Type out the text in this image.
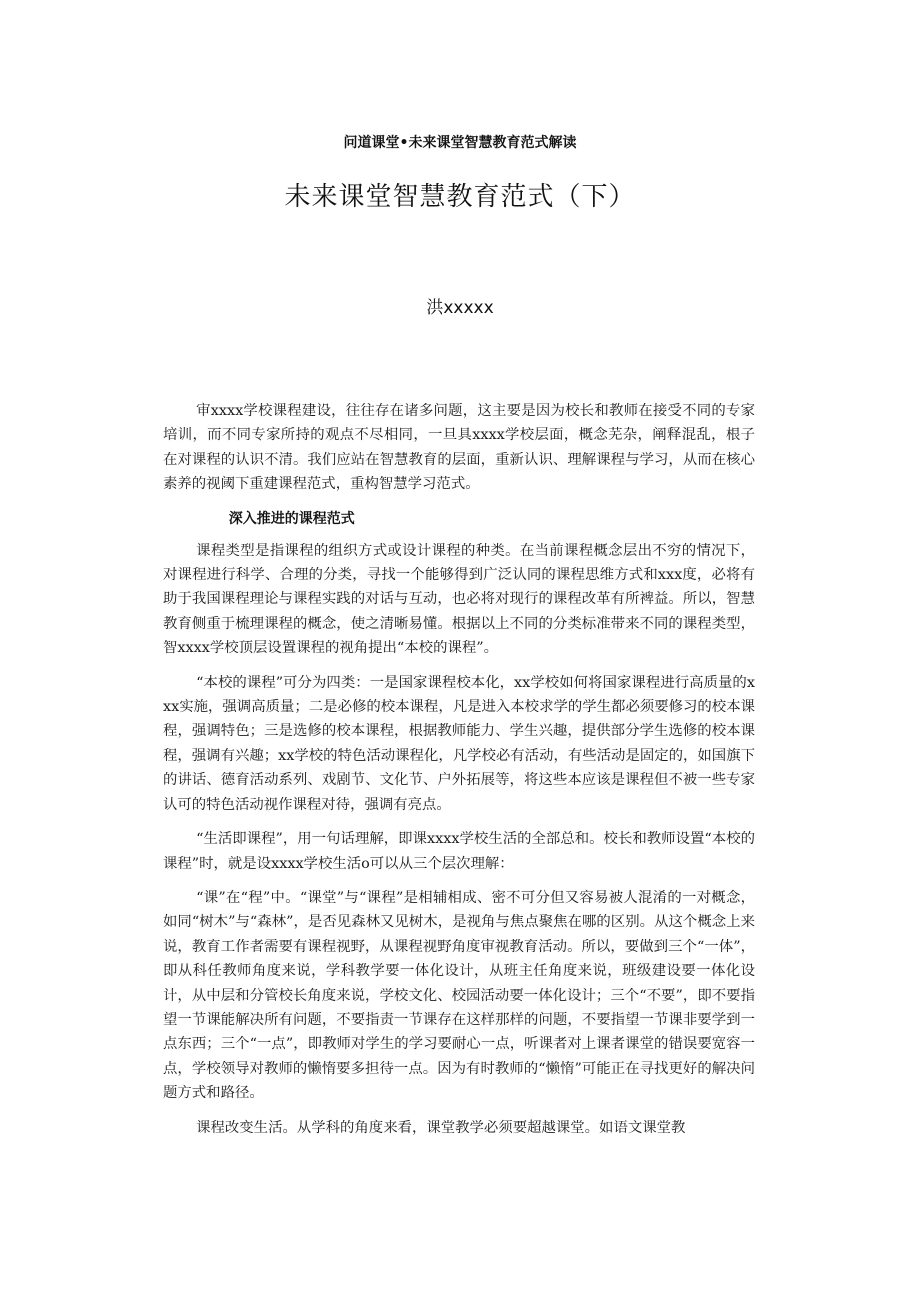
问道课堂•未来课堂智慧教育范式解读
未来课堂智慧教育范式（下）
洪xxxxx

审xxxx学校课程建设，往往存在诸多问题，这主要是因为校长和教师在接受不同的专家培训，而不同专家所持的观点不尽相同，一旦具xxxx学校层面，概念芜杂，阐释混乱，根子在对课程的认识不清。我们应站在智慧教育的层面，重新认识、理解课程与学习，从而在核心素养的视阈下重建课程范式，重构智慧学习范式。

深入推进的课程范式

课程类型是指课程的组织方式或设计课程的种类。在当前课程概念层出不穷的情况下，对课程进行科学、合理的分类，寻找一个能够得到广泛认同的课程思维方式和xxx度，必将有助于我国课程理论与课程实践的对话与互动，也必将对现行的课程改革有所裨益。所以，智慧教育侧重于梳理课程的概念，使之清晰易懂。根据以上不同的分类标准带来不同的课程类型，智xxxx学校顶层设置课程的视角提出“本校的课程”。

“本校的课程”可分为四类：一是国家课程校本化，xx学校如何将国家课程进行高质量的xxx实施，强调高质量；二是必修的校本课程，凡是进入本校求学的学生都必须要修习的校本课程，强调特色；三是选修的校本课程，根据教师能力、学生兴趣，提供部分学生选修的校本课程，强调有兴趣；xx学校的特色活动课程化，凡学校必有活动，有些活动是固定的，如国旗下的讲话、德育活动系列、戏剧节、文化节、户外拓展等，将这些本应该是课程但不被一些专家认可的特色活动视作课程对待，强调有亮点。

“生活即课程”，用一句话理解，即课xxxx学校生活的全部总和。校长和教师设置“本校的课程”时，就是设xxxx学校生活o可以从三个层次理解：

“课”在“程”中。“课堂”与“课程”是相辅相成、密不可分但又容易被人混淆的一对概念，如同“树木”与“森林”，是否见森林又见树木，是视角与焦点聚焦在哪的区别。从这个概念上来说，教育工作者需要有课程视野，从课程视野角度审视教育活动。所以，要做到三个“一体”，即从科任教师角度来说，学科教学要一体化设计，从班主任角度来说，班级建设要一体化设计，从中层和分管校长角度来说，学校文化、校园活动要一体化设计；三个“不要”，即不要指望一节课能解决所有问题，不要指责一节课存在这样那样的问题，不要指望一节课非要学到一点东西；三个“一点”，即教师对学生的学习要耐心一点，听课者对上课者课堂的错误要宽容一点，学校领导对教师的懒惰要多担待一点。因为有时教师的“懒惰”可能正在寻找更好的解决问题方式和路径。

课程改变生活。从学科的角度来看，课堂教学必须要超越课堂。如语文课堂教
